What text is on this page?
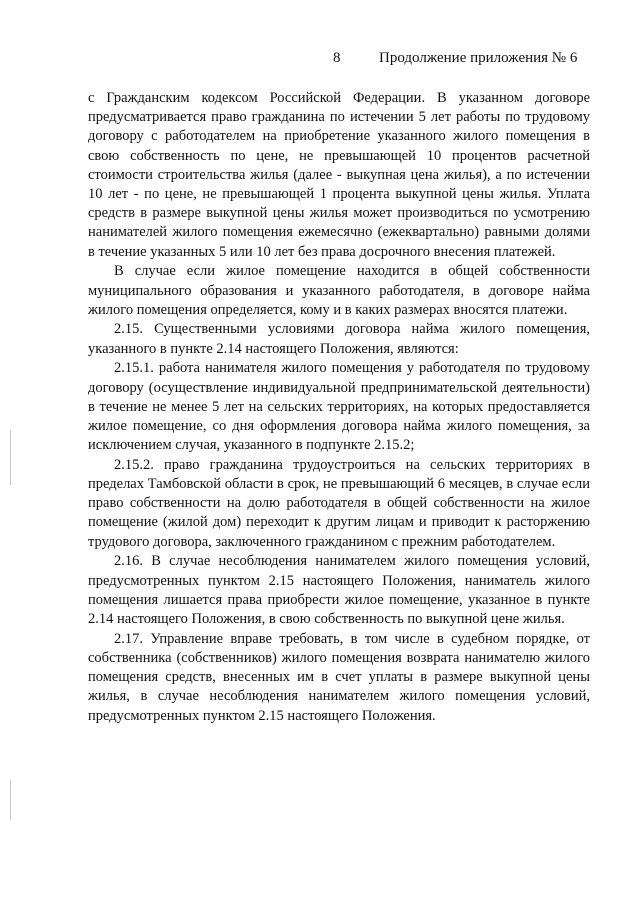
8	Продолжение приложения № 6

с Гражданским кодексом Российской Федерации. В указанном договоре предусматривается право гражданина по истечении 5 лет работы по трудовому договору с работодателем на приобретение указанного жилого помещения в свою собственность по цене, не превышающей 10 процентов расчетной стоимости строительства жилья (далее - выкупная цена жилья), а по истечении 10 лет - по цене, не превышающей 1 процента выкупной цены жилья. Уплата средств в размере выкупной цены жилья может производиться по усмотрению нанимателей жилого помещения ежемесячно (ежеквартально) равными долями в течение указанных 5 или 10 лет без права досрочного внесения платежей.

В случае если жилое помещение находится в общей собственности муниципального образования и указанного работодателя, в договоре найма жилого помещения определяется, кому и в каких размерах вносятся платежи.

2.15. Существенными условиями договора найма жилого помещения, указанного в пункте 2.14 настоящего Положения, являются:

2.15.1. работа нанимателя жилого помещения у работодателя по трудовому договору (осуществление индивидуальной предпринимательской деятельности) в течение не менее 5 лет на сельских территориях, на которых предоставляется жилое помещение, со дня оформления договора найма жилого помещения, за исключением случая, указанного в подпункте 2.15.2;

2.15.2. право гражданина трудоустроиться на сельских территориях в пределах Тамбовской области в срок, не превышающий 6 месяцев, в случае если право собственности на долю работодателя в общей собственности на жилое помещение (жилой дом) переходит к другим лицам и приводит к расторжению трудового договора, заключенного гражданином с прежним работодателем.

2.16. В случае несоблюдения нанимателем жилого помещения условий, предусмотренных пунктом 2.15 настоящего Положения, наниматель жилого помещения лишается права приобрести жилое помещение, указанное в пункте 2.14 настоящего Положения, в свою собственность по выкупной цене жилья.

2.17. Управление вправе требовать, в том числе в судебном порядке, от собственника (собственников) жилого помещения возврата нанимателю жилого помещения средств, внесенных им в счет уплаты в размере выкупной цены жилья, в случае несоблюдения нанимателем жилого помещения условий, предусмотренных пунктом 2.15 настоящего Положения.
